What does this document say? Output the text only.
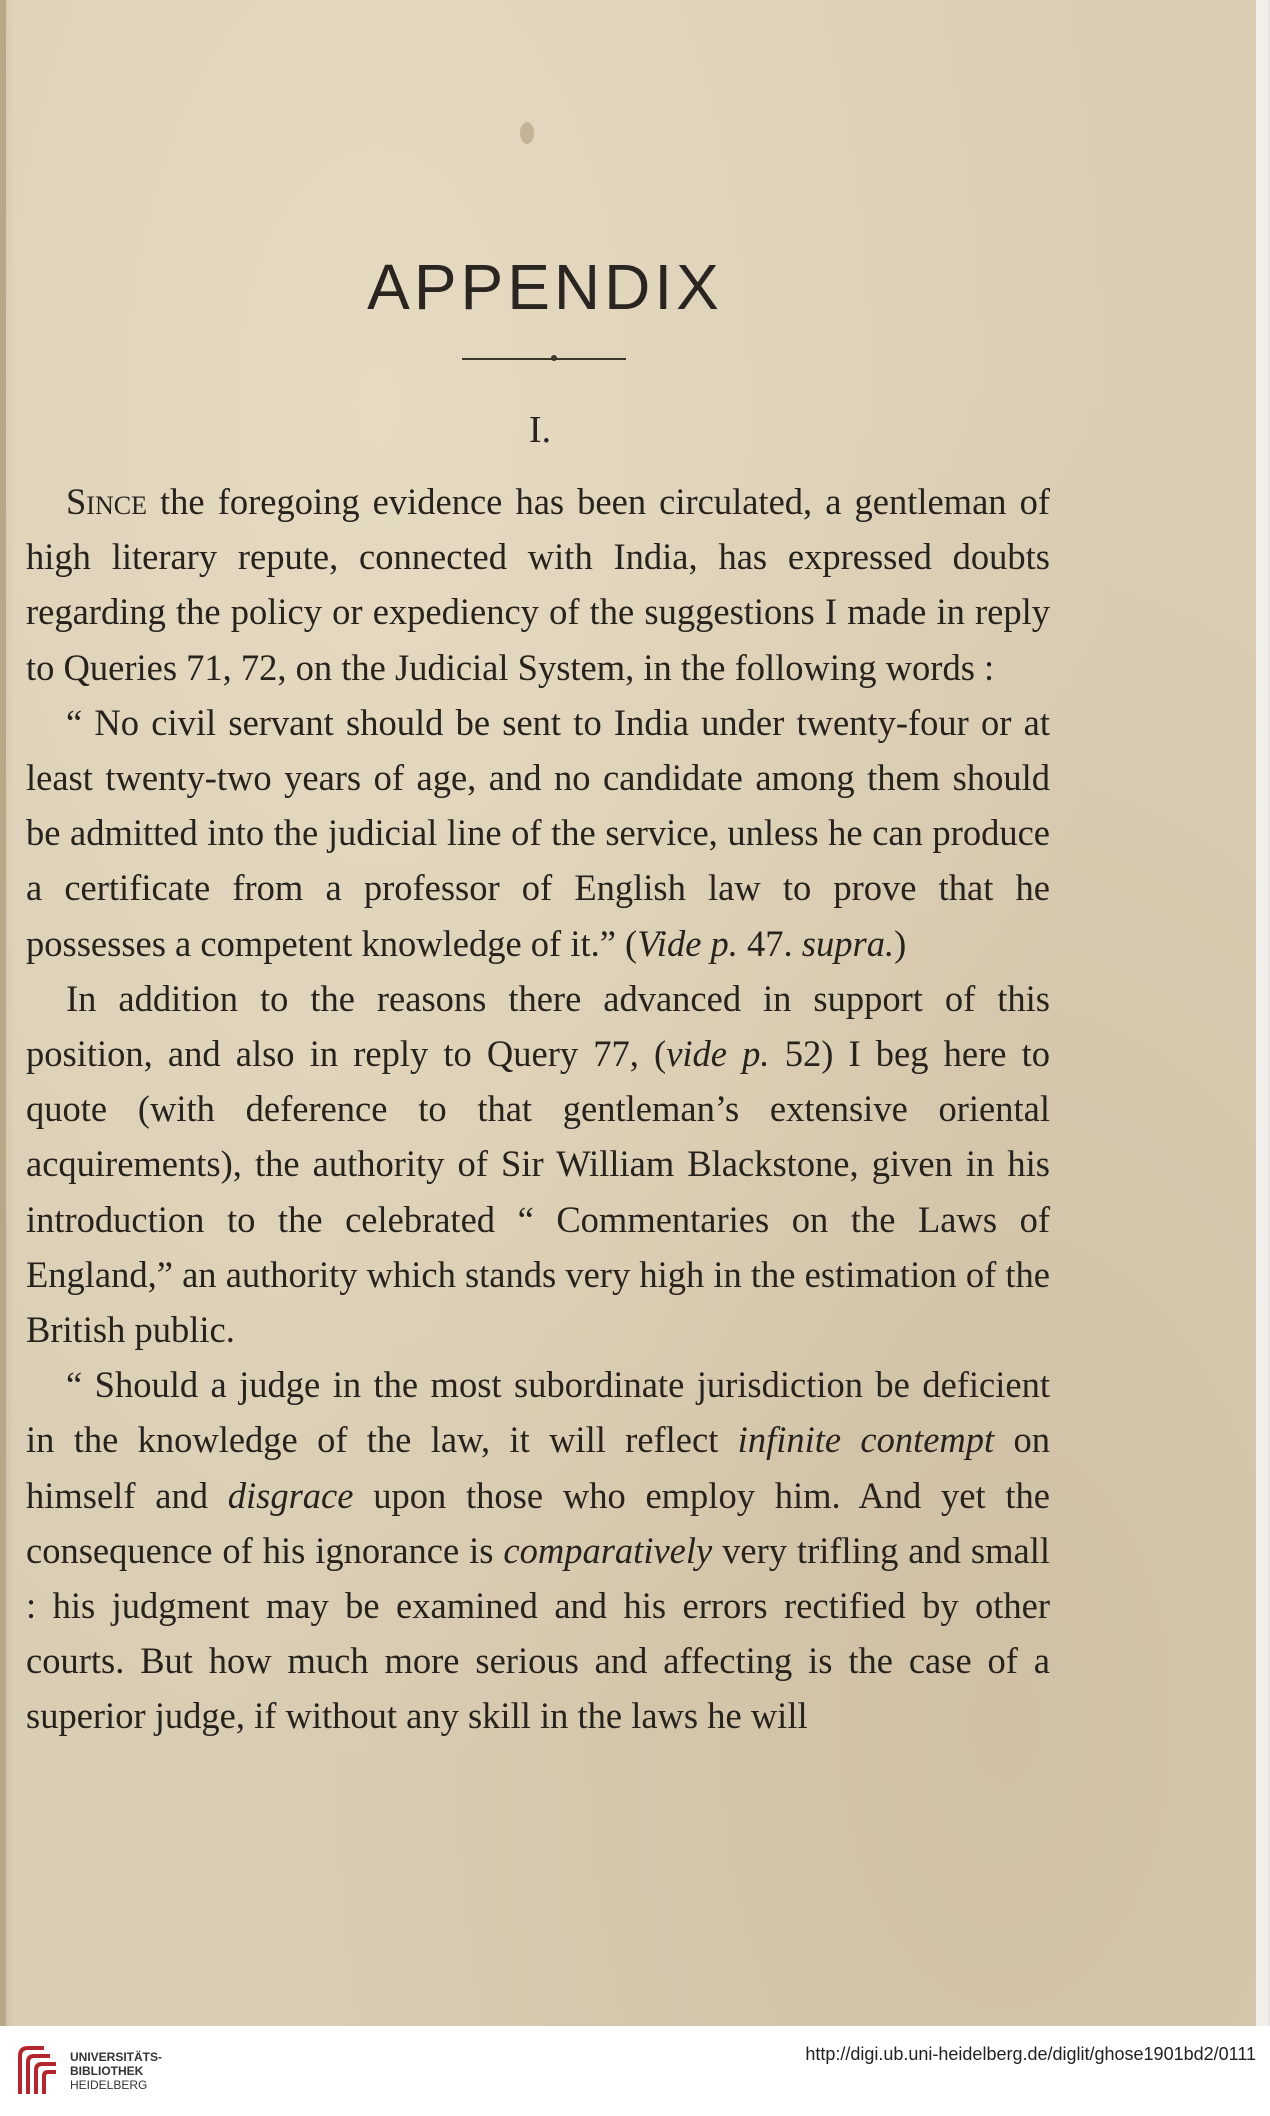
APPENDIX
I.

Since the foregoing evidence has been circulated, a gentleman of high literary repute, connected with India, has expressed doubts regarding the policy or expediency of the suggestions I made in reply to Queries 71, 72, on the Judicial System, in the following words :

“ No civil servant should be sent to India under twenty-four or at least twenty-two years of age, and no candidate among them should be admitted into the judicial line of the service, unless he can produce a certificate from a professor of English law to prove that he possesses a competent knowledge of it.” (Vide p. 47. supra.)

In addition to the reasons there advanced in support of this position, and also in reply to Query 77, (vide p. 52) I beg here to quote (with deference to that gentleman’s extensive oriental acquirements), the authority of Sir William Blackstone, given in his introduction to the celebrated “ Commentaries on the Laws of England,” an authority which stands very high in the estimation of the British public.

“ Should a judge in the most subordinate jurisdiction be deficient in the knowledge of the law, it will reflect infinite contempt on himself and disgrace upon those who employ him. And yet the consequence of his ignorance is comparatively very trifling and small : his judgment may be examined and his errors rectified by other courts. But how much more serious and affecting is the case of a superior judge, if without any skill in the laws he will

UNIVERSITÄTS-
BIBLIOTHEK
HEIDELBERG
http://digi.ub.uni-heidelberg.de/diglit/ghose1901bd2/0111
